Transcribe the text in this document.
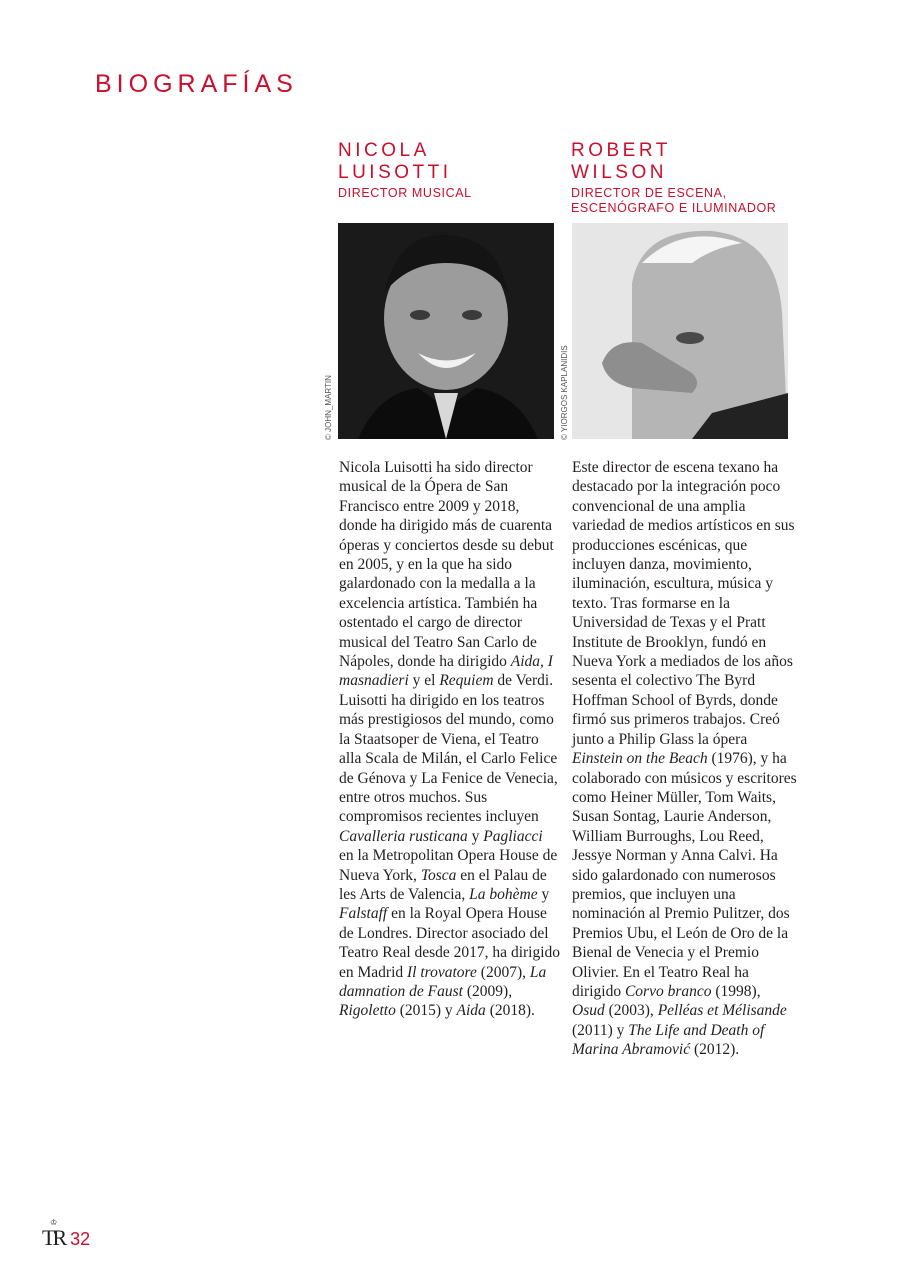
BIOGRAFÍAS
NICOLA
LUISOTTI
DIRECTOR MUSICAL
ROBERT
WILSON
DIRECTOR DE ESCENA,
ESCENÓGRAFO E ILUMINADOR
© JOHN_MARTIN	© YIORGOS KAPLANIDIS

Nicola Luisotti ha sido director musical de la Ópera de San Francisco entre 2009 y 2018, donde ha dirigido más de cuarenta óperas y conciertos desde su debut en 2005, y en la que ha sido galardonado con la medalla a la excelencia artística. También ha ostentado el cargo de director musical del Teatro San Carlo de Nápoles, donde ha dirigido Aida, I masnadieri y el Requiem de Verdi. Luisotti ha dirigido en los teatros más prestigiosos del mundo, como la Staatsoper de Viena, el Teatro alla Scala de Milán, el Carlo Felice de Génova y La Fenice de Venecia, entre otros muchos. Sus compromisos recientes incluyen Cavalleria rusticana y Pagliacci en la Metropolitan Opera House de Nueva York, Tosca en el Palau de les Arts de Valencia, La bohème y Falstaff en la Royal Opera House de Londres. Director asociado del Teatro Real desde 2017, ha dirigido en Madrid Il trovatore (2007), La damnation de Faust (2009), Rigoletto (2015) y Aida (2018).

Este director de escena texano ha destacado por la integración poco convencional de una amplia variedad de medios artísticos en sus producciones escénicas, que incluyen danza, movimiento, iluminación, escultura, música y texto. Tras formarse en la Universidad de Texas y el Pratt Institute de Brooklyn, fundó en Nueva York a mediados de los años sesenta el colectivo The Byrd Hoffman School of Byrds, donde firmó sus primeros trabajos. Creó junto a Philip Glass la ópera Einstein on the Beach (1976), y ha colaborado con músicos y escritores como Heiner Müller, Tom Waits, Susan Sontag, Laurie Anderson, William Burroughs, Lou Reed, Jessye Norman y Anna Calvi. Ha sido galardonado con numerosos premios, que incluyen una nominación al Premio Pulitzer, dos Premios Ubu, el León de Oro de la Bienal de Venecia y el Premio Olivier. En el Teatro Real ha dirigido Corvo branco (1998), Osud (2003), Pelléas et Mélisande (2011) y The Life and Death of Marina Abramović (2012).

♔
TR 32
